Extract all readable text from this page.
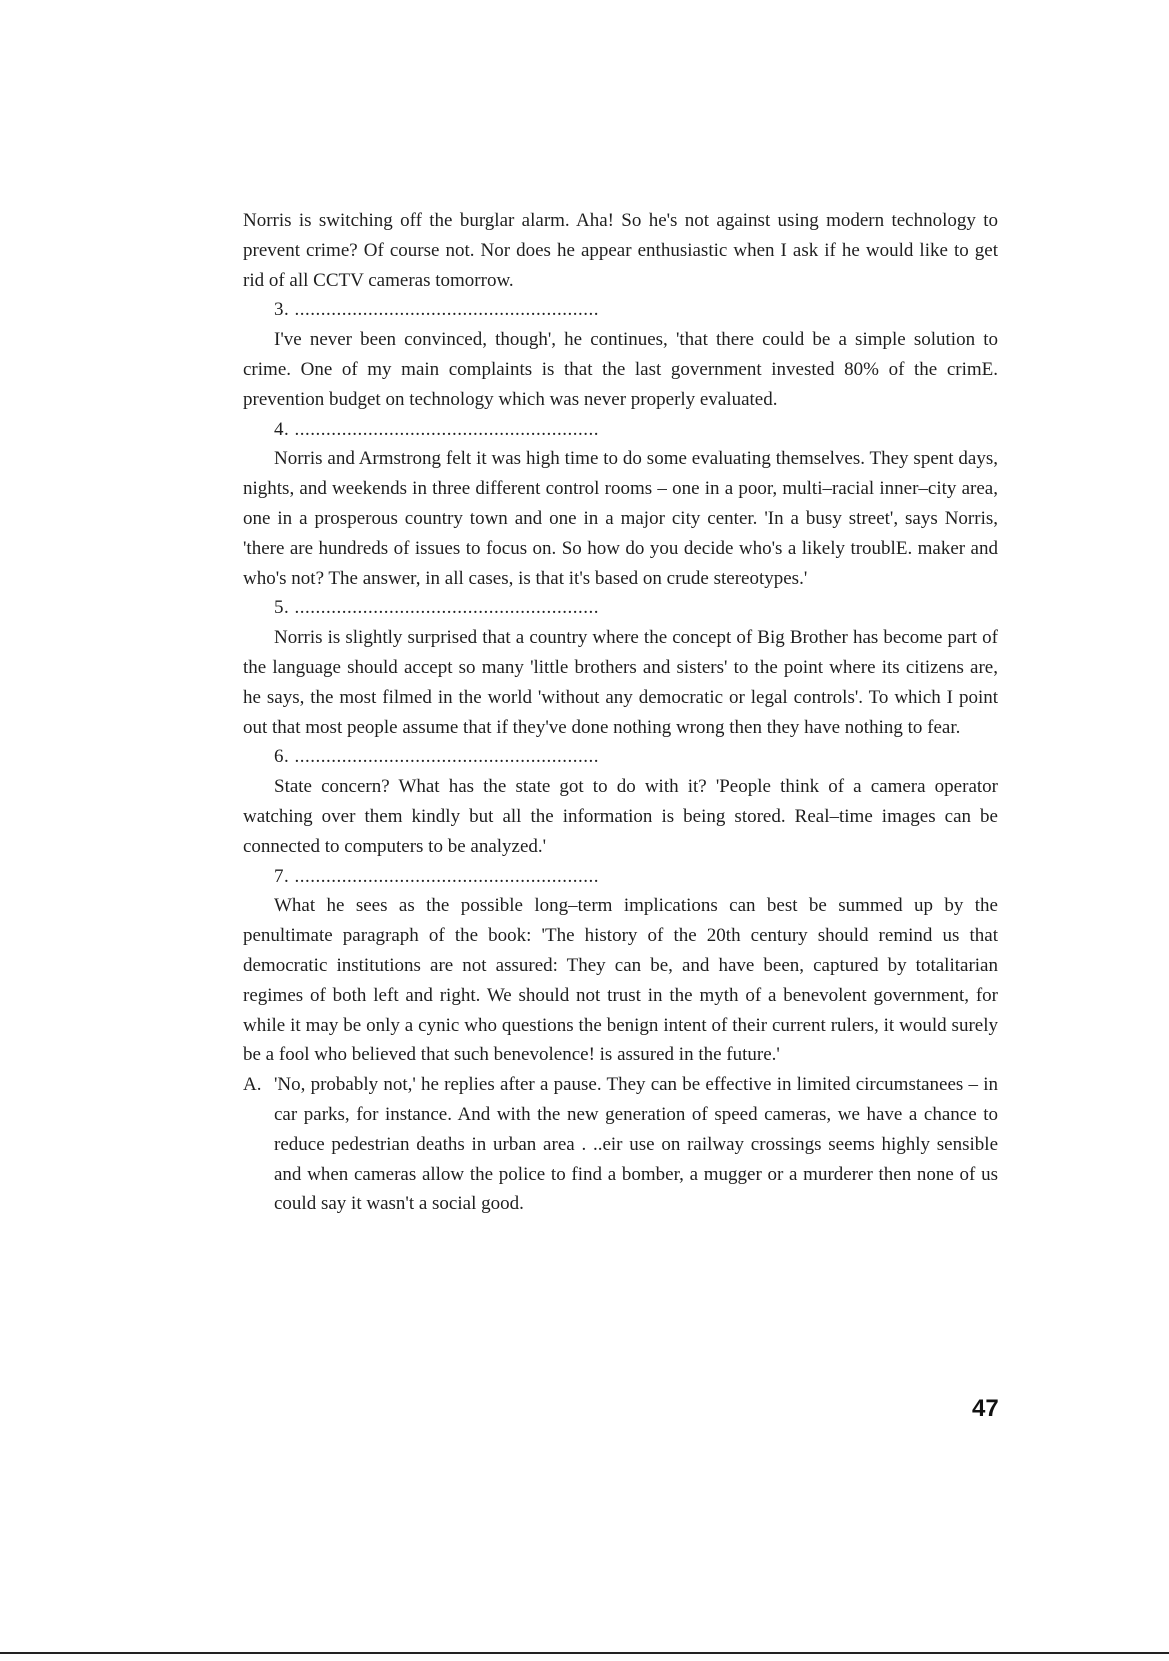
Norris is switching off the burglar alarm. Aha! So he's not against using modern technology to prevent crime? Of course not. Nor does he appear enthusiastic when I ask if he would like to get rid of all CCTV cameras tomorrow.

3. ..........................................................

I've never been convinced, though', he continues, 'that there could be a simple solution to crime. One of my main complaints is that the last government invested 80% of the crimE. prevention budget on technology which was never properly evaluated.

4. ..........................................................

Norris and Armstrong felt it was high time to do some evaluating themselves. They spent days, nights, and weekends in three different control rooms – one in a poor, multi–racial inner–city area, one in a prosperous country town and one in a major city center. 'In a busy street', says Norris, 'there are hundreds of issues to focus on. So how do you decide who's a likely troublE. maker and who's not? The answer, in all cases, is that it's based on crude stereotypes.'

5. ..........................................................

Norris is slightly surprised that a country where the concept of Big Brother has become part of the language should accept so many 'little brothers and sisters' to the point where its citizens are, he says, the most filmed in the world 'without any democratic or legal controls'. To which I point out that most people assume that if they've done nothing wrong then they have nothing to fear.

6. ..........................................................

State concern? What has the state got to do with it? 'People think of a camera operator watching over them kindly but all the information is being stored. Real–time images can be connected to computers to be analyzed.'

7. ..........................................................

What he sees as the possible long–term implications can best be summed up by the penultimate paragraph of the book: 'The history of the 20th century should remind us that democratic institutions are not assured: They can be, and have been, captured by totalitarian regimes of both left and right. We should not trust in the myth of a benevolent government, for while it may be only a cynic who questions the benign intent of their current rulers, it would surely be a fool who believed that such benevolence! is assured in the future.'

A. 'No, probably not,' he replies after a pause. They can be effective in limited circumstanees – in car parks, for instance. And with the new generation of speed cameras, we have a chance to reduce pedestrian deaths in urban area . ..eir use on railway crossings seems highly sensible and when cameras allow the police to find a bomber, a mugger or a murderer then none of us could say it wasn't a social good.
47
